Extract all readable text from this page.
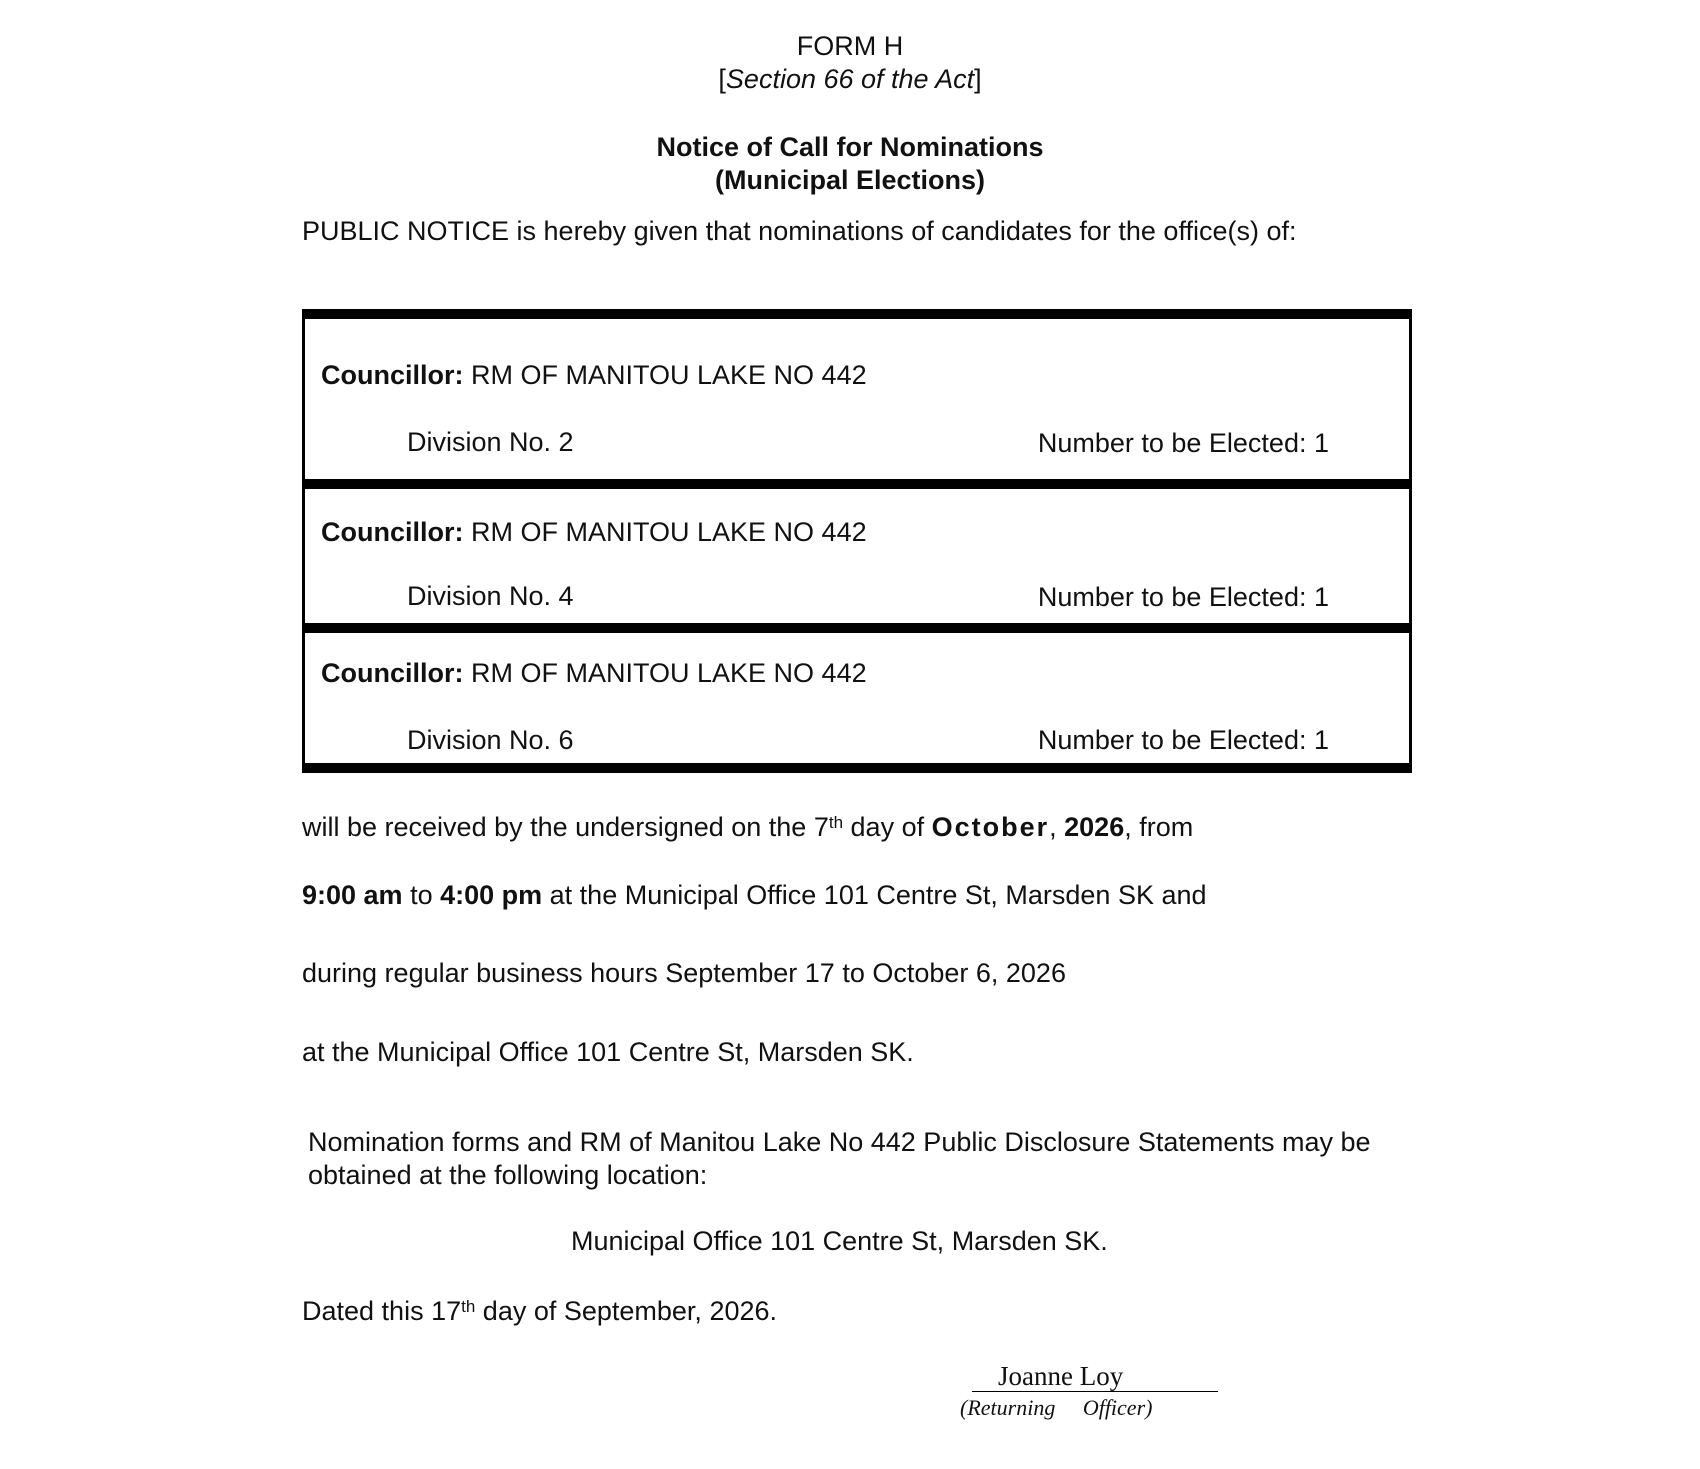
FORM H
[Section 66 of the Act]
Notice of Call for Nominations
(Municipal Elections)
PUBLIC NOTICE is hereby given that nominations of candidates for the office(s) of:
Councillor: RM OF MANITOU LAKE NO 442
Division No. 2	Number to be Elected: 1
Councillor: RM OF MANITOU LAKE NO 442
Division No. 4	Number to be Elected: 1
Councillor: RM OF MANITOU LAKE NO 442
Division No. 6	Number to be Elected: 1
will be received by the undersigned on the 7th day of October, 2026, from
9:00 am to 4:00 pm at the Municipal Office 101 Centre St, Marsden SK and
during regular business hours September 17 to October 6, 2026
at the Municipal Office 101 Centre St, Marsden SK.
Nomination forms and RM of Manitou Lake No 442 Public Disclosure Statements may be
obtained at the following location:
Municipal Office 101 Centre St, Marsden SK.
Dated this 17th day of September, 2026.
Joanne Loy
(Returning     Officer)
